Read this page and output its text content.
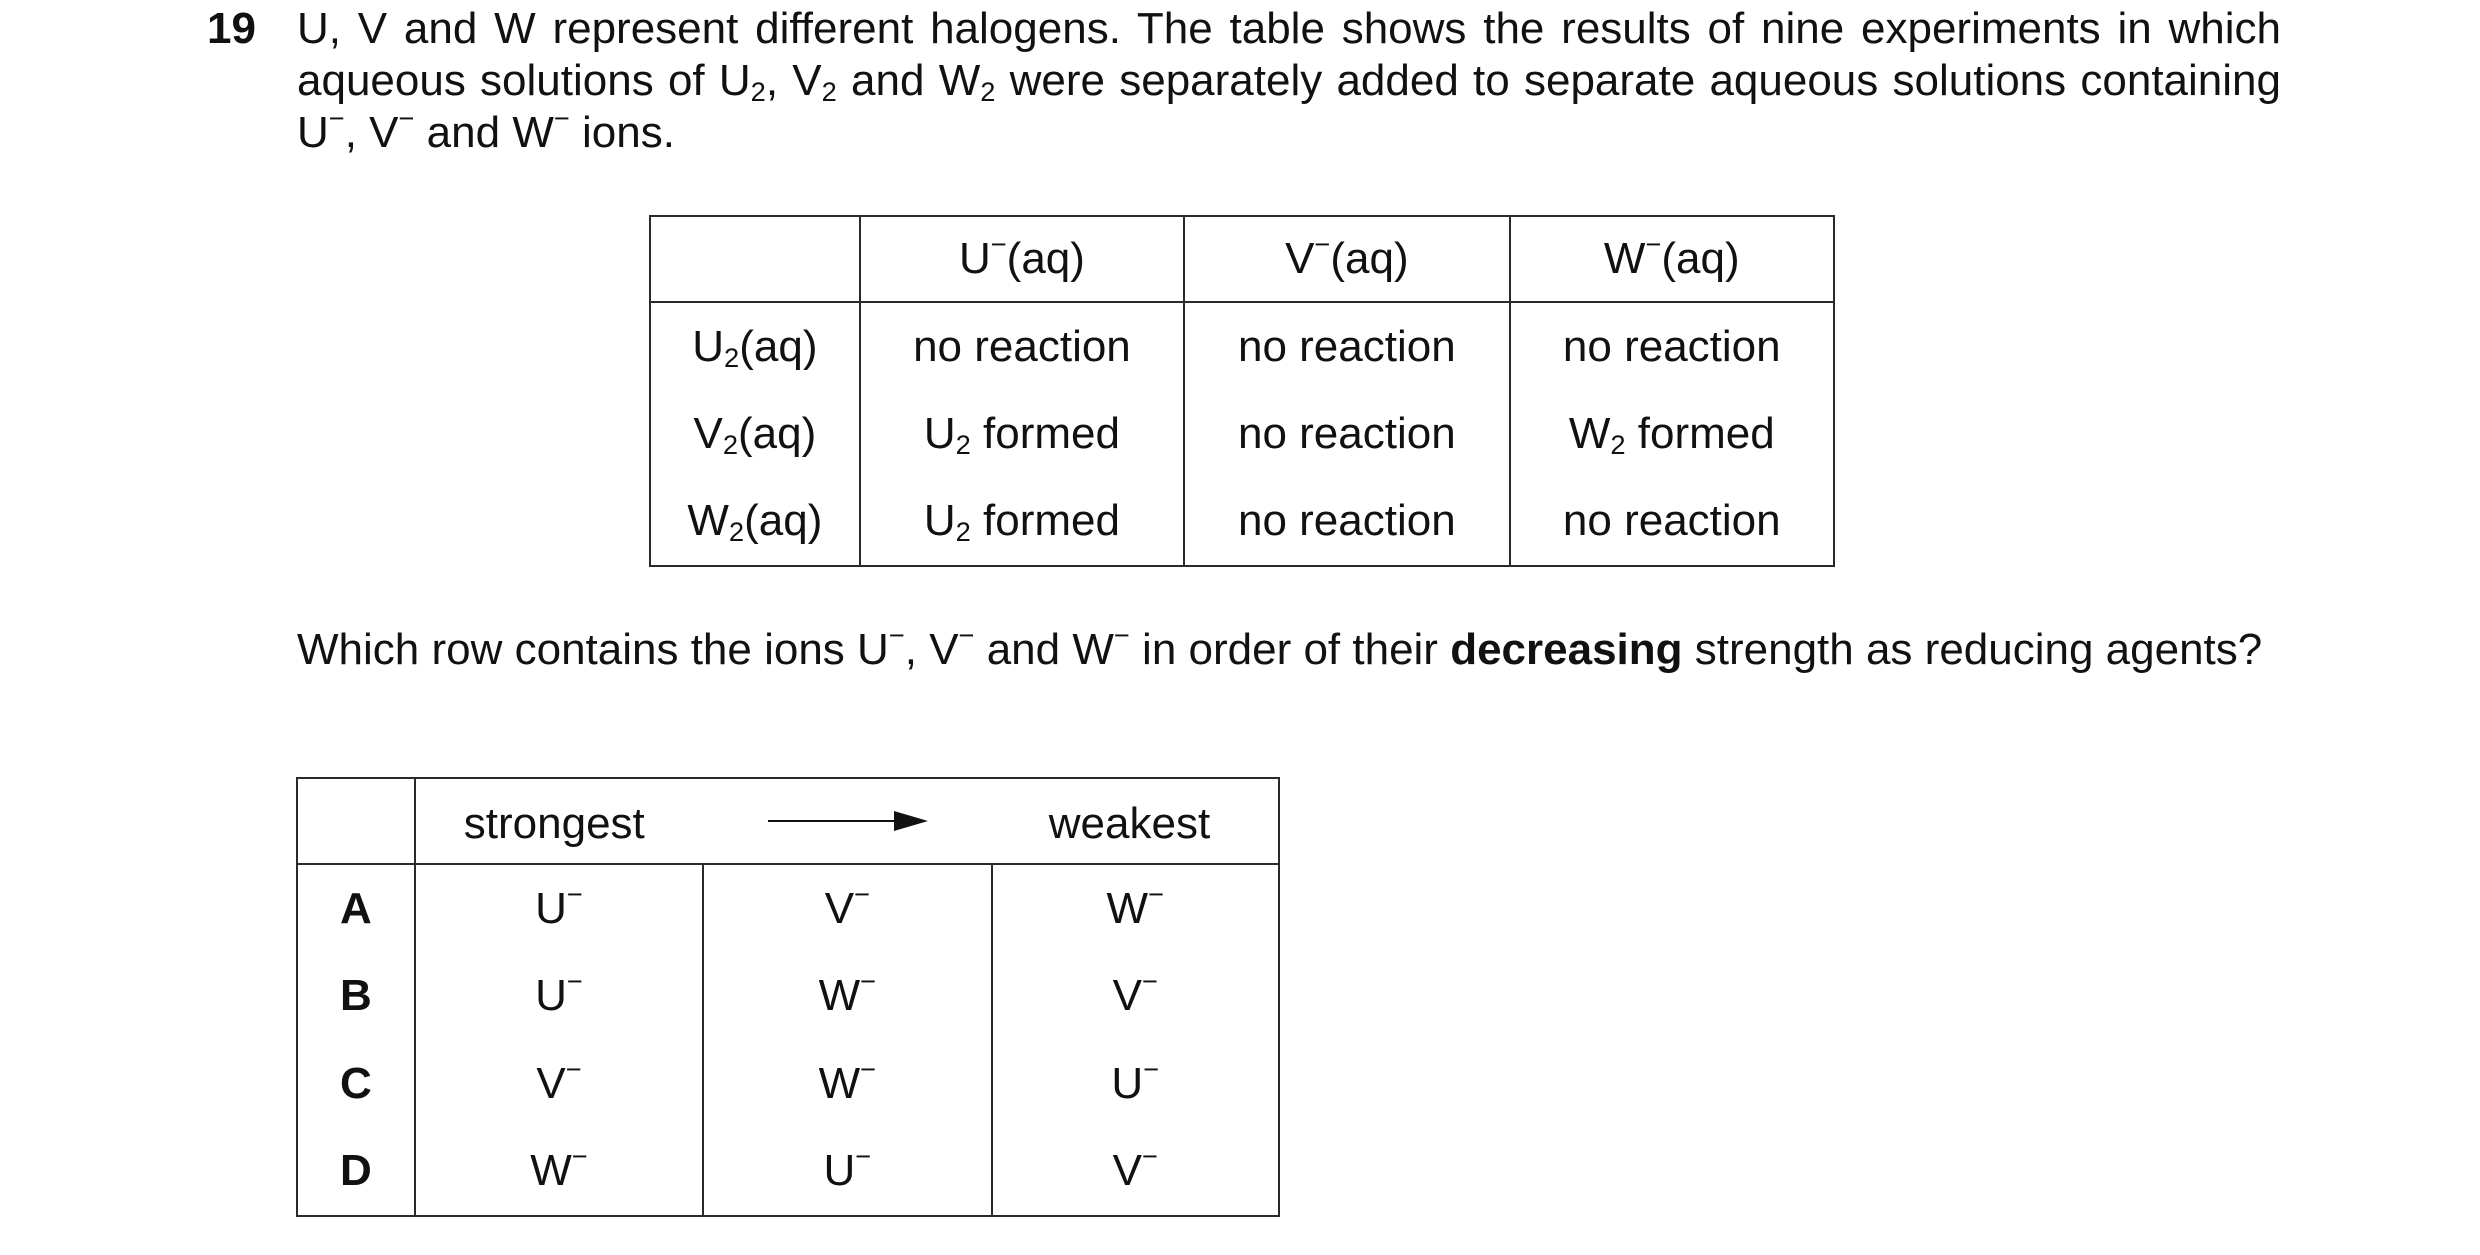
19 U, V and W represent different halogens. The table shows the results of nine experiments in which aqueous solutions of $U_2$, $V_2$ and $W_2$ were separately added to separate aqueous solutions containing U−, V− and W− ions.
	U−(aq)	V−(aq)	W−(aq)
$U_2(aq)$	no reaction	no reaction	no reaction
$V_2(aq)$	$U_2$ formed	no reaction	$W_2$ formed
$W_2(aq)$	$U_2$ formed	no reaction	no reaction
Which row contains the ions U−, V− and W− in order of their decreasing strength as reducing agents?

	strongest weakest		

A	U−	V−	W−
B	U−	W−	V−
C	V−	W−	U−
D	W−	U−	V−
